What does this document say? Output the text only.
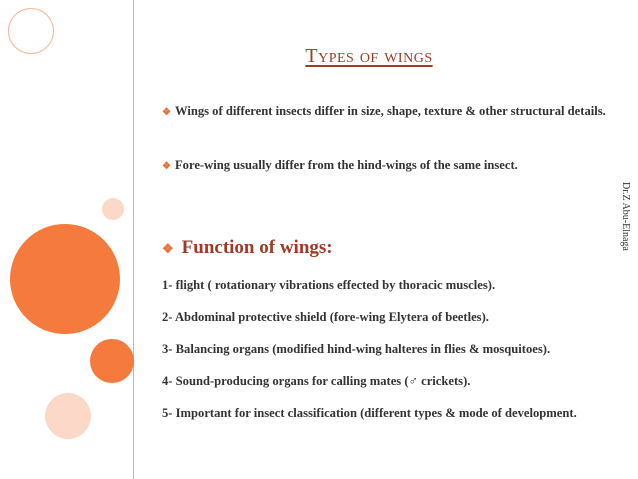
Types of wings
❖ Wings of different insects differ in size, shape, texture & other structural details.
❖ Fore-wing usually differ from the hind-wings of the same insect.
❖ Function of wings:
1- flight ( rotationary vibrations effected by thoracic muscles).
2- Abdominal protective shield (fore-wing Elytera of beetles).
3- Balancing organs (modified hind-wing halteres in flies & mosquitoes).
4- Sound-producing organs for calling mates (♂ crickets).
5- Important for insect classification (different types & mode of development.
Dr.Z Abu-Elnaga
